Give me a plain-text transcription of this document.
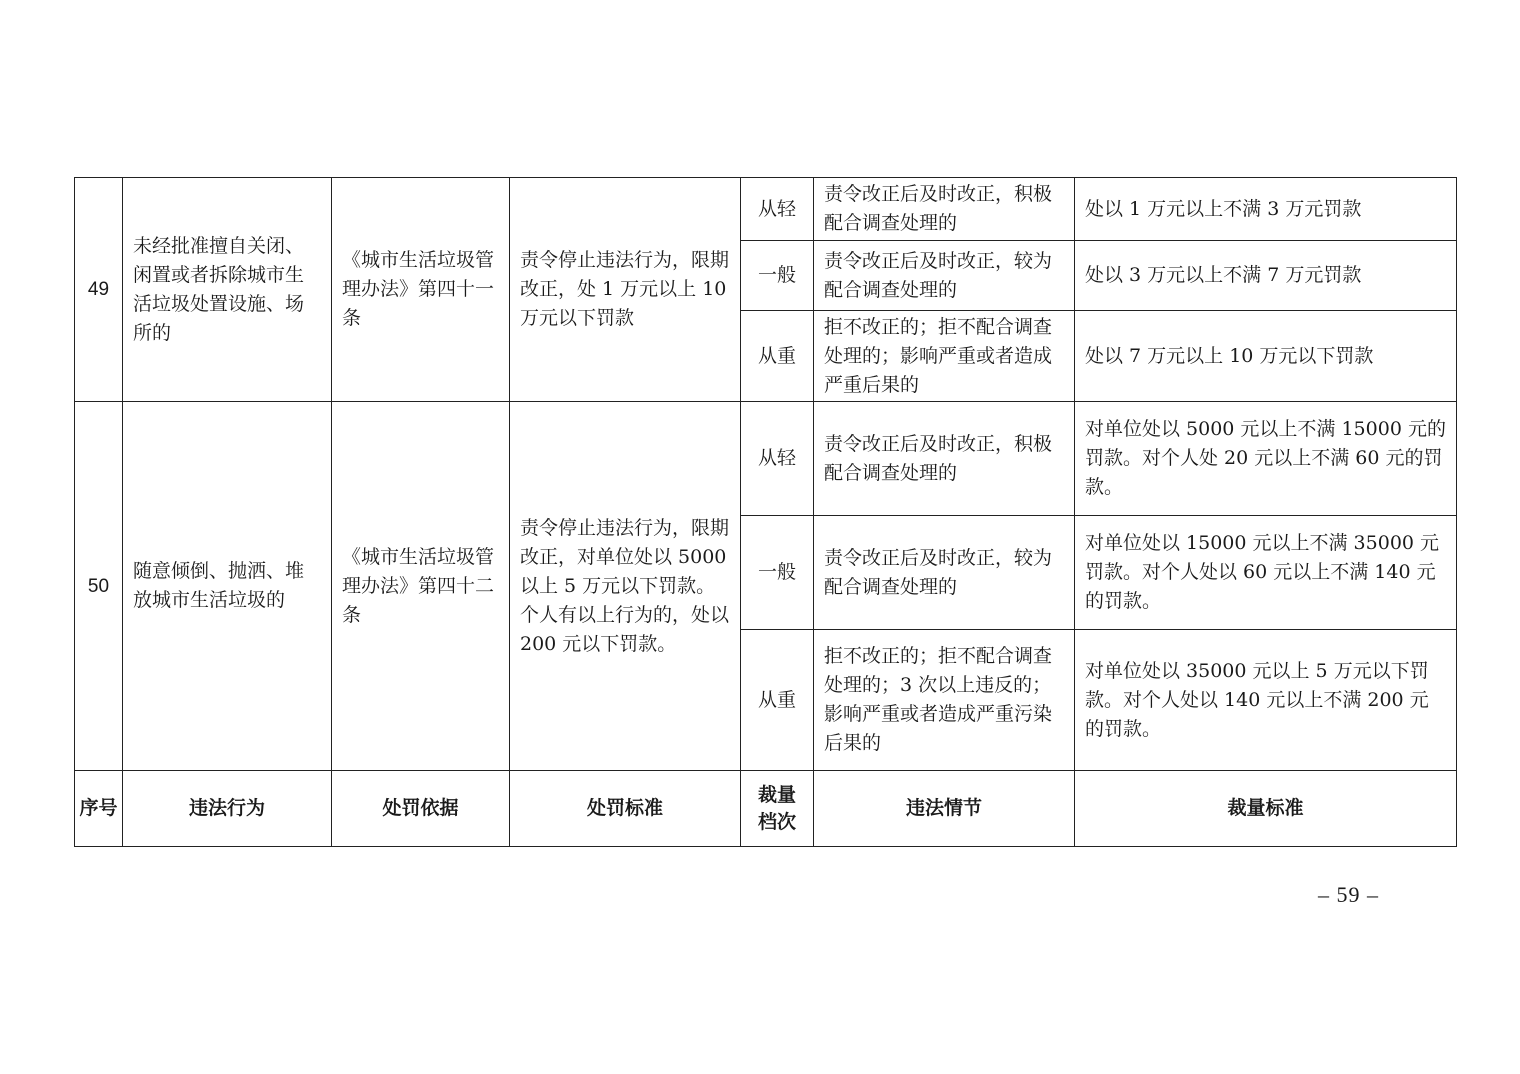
49	未经批准擅自关闭、闲置或者拆除城市生活垃圾处置设施、场所的	《城市生活垃圾管理办法》第四十一条	责令停止违法行为，限期改正，处 1 万元以上 10 万元以下罚款	从轻	责令改正后及时改正，积极配合调查处理的	处以 1 万元以上不满 3 万元罚款
				一般	责令改正后及时改正，较为配合调查处理的	处以 3 万元以上不满 7 万元罚款
				从重	拒不改正的；拒不配合调查处理的；影响严重或者造成严重后果的	处以 7 万元以上 10 万元以下罚款
50	随意倾倒、抛洒、堆放城市生活垃圾的	《城市生活垃圾管理办法》第四十二条	责令停止违法行为，限期改正，对单位处以 5000 以上 5 万元以下罚款。个人有以上行为的，处以 200 元以下罚款。	从轻	责令改正后及时改正，积极配合调查处理的	对单位处以 5000 元以上不满 15000 元的罚款。对个人处 20 元以上不满 60 元的罚款。
				一般	责令改正后及时改正，较为配合调查处理的	对单位处以 15000 元以上不满 35000 元罚款。对个人处以 60 元以上不满 140 元的罚款。
				从重	拒不改正的；拒不配合调查处理的；3 次以上违反的；影响严重或者造成严重污染后果的	对单位处以 35000 元以上 5 万元以下罚款。对个人处以 140 元以上不满 200 元的罚款。
序号	违法行为	处罚依据	处罚标准	裁量档次	违法情节	裁量标准
– 59 –
